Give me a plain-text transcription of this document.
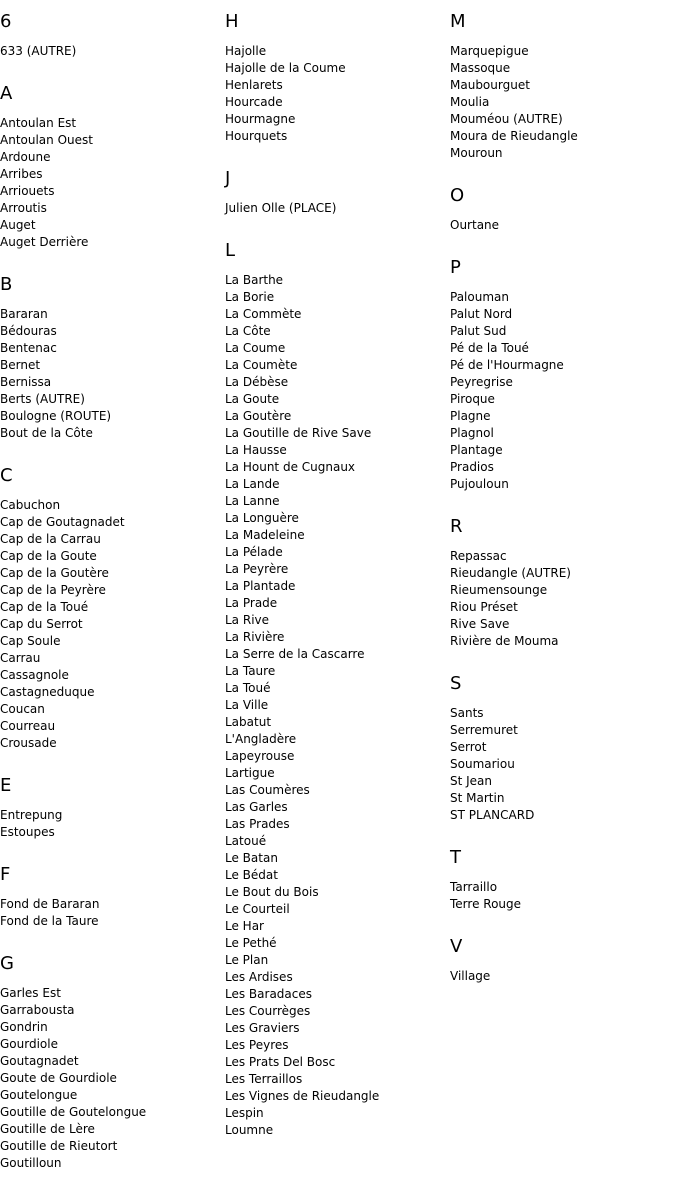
6
633 (AUTRE)
A
Antoulan Est
Antoulan Ouest
Ardoune
Arribes
Arriouets
Arroutis
Auget
Auget Derrière
B
Bararan
Bédouras
Bentenac
Bernet
Bernissa
Berts (AUTRE)
Boulogne (ROUTE)
Bout de la Côte
C
Cabuchon
Cap de Goutagnadet
Cap de la Carrau
Cap de la Goute
Cap de la Goutère
Cap de la Peyrère
Cap de la Toué
Cap du Serrot
Cap Soule
Carrau
Cassagnole
Castagneduque
Coucan
Courreau
Crousade
E
Entrepung
Estoupes
F
Fond de Bararan
Fond de la Taure
G
Garles Est
Garrabousta
Gondrin
Gourdiole
Goutagnadet
Goute de Gourdiole
Goutelongue
Goutille de Goutelongue
Goutille de Lère
Goutille de Rieutort
Goutilloun
H
Hajolle
Hajolle de la Coume
Henlarets
Hourcade
Hourmagne
Hourquets
J
Julien Olle (PLACE)
L
La Barthe
La Borie
La Commète
La Côte
La Coume
La Coumète
La Débèse
La Goute
La Goutère
La Goutille de Rive Save
La Hausse
La Hount de Cugnaux
La Lande
La Lanne
La Longuère
La Madeleine
La Pélade
La Peyrère
La Plantade
La Prade
La Rive
La Rivière
La Serre de la Cascarre
La Taure
La Toué
La Ville
Labatut
L'Angladère
Lapeyrouse
Lartigue
Las Coumères
Las Garles
Las Prades
Latoué
Le Batan
Le Bédat
Le Bout du Bois
Le Courteil
Le Har
Le Pethé
Le Plan
Les Ardises
Les Baradaces
Les Courrèges
Les Graviers
Les Peyres
Les Prats Del Bosc
Les Terraillos
Les Vignes de Rieudangle
Lespin
Loumne
M
Marquepigue
Massoque
Maubourguet
Moulia
Mouméou (AUTRE)
Moura de Rieudangle
Mouroun
O
Ourtane
P
Palouman
Palut Nord
Palut Sud
Pé de la Toué
Pé de l'Hourmagne
Peyregrise
Piroque
Plagne
Plagnol
Plantage
Pradios
Pujouloun
R
Repassac
Rieudangle (AUTRE)
Rieumensounge
Riou Préset
Rive Save
Rivière de Mouma
S
Sants
Serremuret
Serrot
Soumariou
St Jean
St Martin
ST PLANCARD
T
Tarraillo
Terre Rouge
V
Village
